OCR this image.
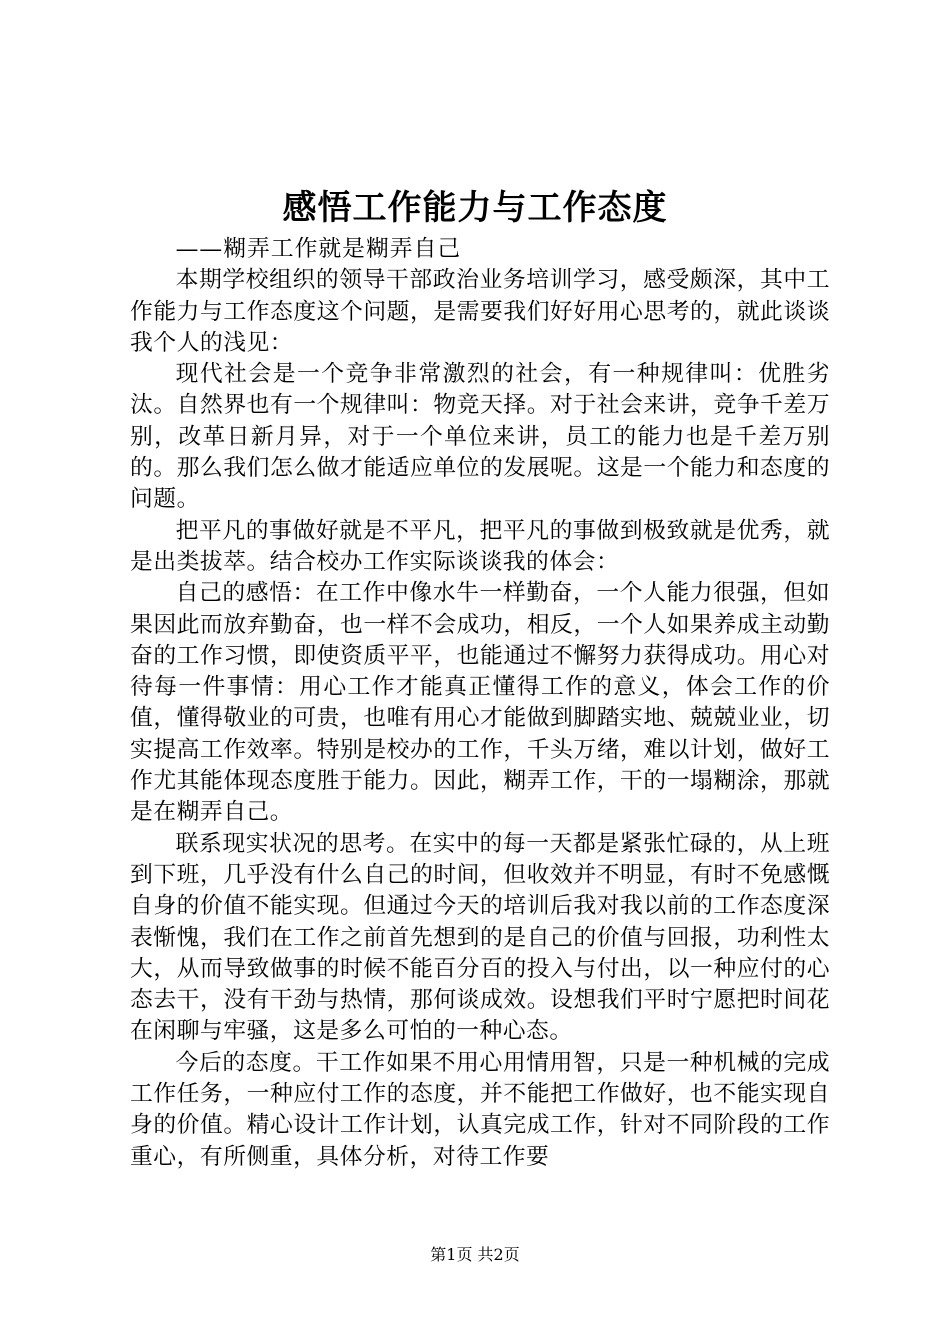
感悟工作能力与工作态度

——糊弄工作就是糊弄自己

本期学校组织的领导干部政治业务培训学习，感受颇深，其中工作能力与工作态度这个问题，是需要我们好好用心思考的，就此谈谈我个人的浅见：

现代社会是一个竞争非常激烈的社会，有一种规律叫：优胜劣汰。自然界也有一个规律叫：物竞天择。对于社会来讲，竞争千差万别，改革日新月异，对于一个单位来讲，员工的能力也是千差万别的。那么我们怎么做才能适应单位的发展呢。这是一个能力和态度的问题。

把平凡的事做好就是不平凡，把平凡的事做到极致就是优秀，就是出类拔萃。结合校办工作实际谈谈我的体会：

自己的感悟：在工作中像水牛一样勤奋，一个人能力很强，但如果因此而放弃勤奋，也一样不会成功，相反，一个人如果养成主动勤奋的工作习惯，即使资质平平，也能通过不懈努力获得成功。用心对待每一件事情：用心工作才能真正懂得工作的意义，体会工作的价值，懂得敬业的可贵，也唯有用心才能做到脚踏实地、兢兢业业，切实提高工作效率。特别是校办的工作，千头万绪，难以计划，做好工作尤其能体现态度胜于能力。因此，糊弄工作，干的一塌糊涂，那就是在糊弄自己。

联系现实状况的思考。在实中的每一天都是紧张忙碌的，从上班到下班，几乎没有什么自己的时间，但收效并不明显，有时不免感慨自身的价值不能实现。但通过今天的培训后我对我以前的工作态度深表惭愧，我们在工作之前首先想到的是自己的价值与回报，功利性太大，从而导致做事的时候不能百分百的投入与付出，以一种应付的心态去干，没有干劲与热情，那何谈成效。设想我们平时宁愿把时间花在闲聊与牢骚，这是多么可怕的一种心态。

今后的态度。干工作如果不用心用情用智，只是一种机械的完成工作任务，一种应付工作的态度，并不能把工作做好，也不能实现自身的价值。精心设计工作计划，认真完成工作，针对不同阶段的工作重心，有所侧重，具体分析，对待工作要

第1页 共2页
